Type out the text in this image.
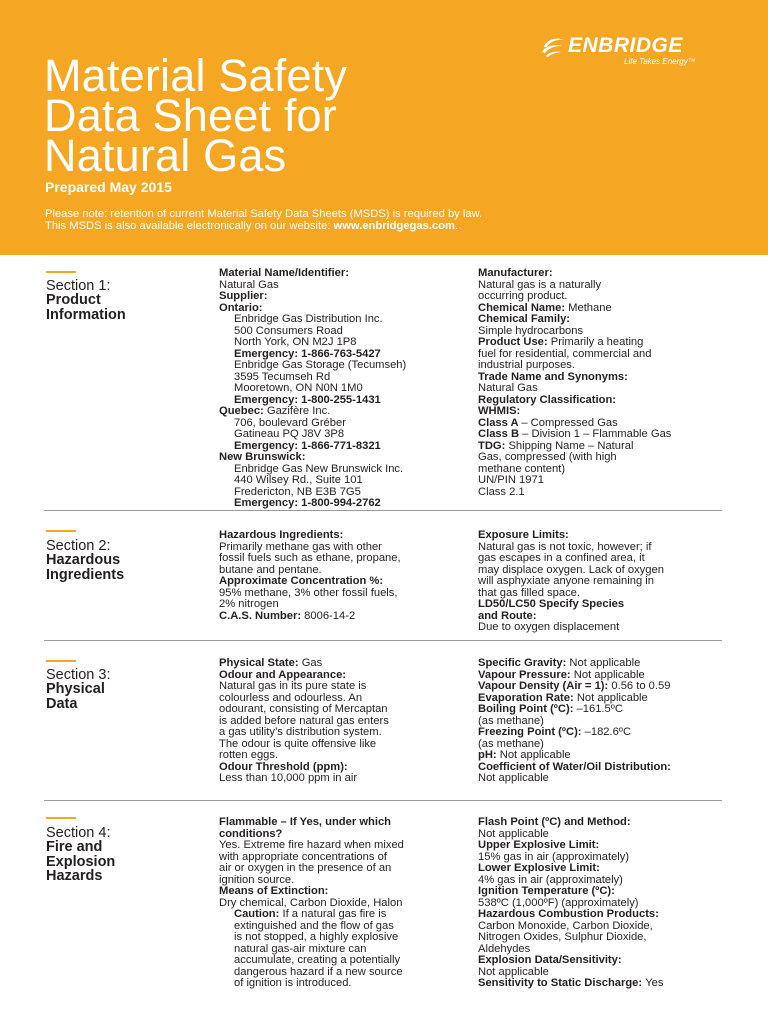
ENBRIDGE
Life Takes Energy™
Material Safety
Data Sheet for
Natural Gas
Prepared May 2015
Please note: retention of current Material Safety Data Sheets (MSDS) is required by law.
This MSDS is also available electronically on our website: www.enbridgegas.com.
Section 1:
Product
Information
Material Name/Identifier:
Natural Gas
Supplier:
Ontario:
Enbridge Gas Distribution Inc.
500 Consumers Road
North York, ON M2J 1P8
Emergency: 1-866-763-5427
Enbridge Gas Storage (Tecumseh)
3595 Tecumseh Rd
Mooretown, ON N0N 1M0
Emergency: 1-800-255-1431
Quebec: Gazifère Inc.
706, boulevard Gréber
Gatineau PQ J8V 3P8
Emergency: 1-866-771-8321
New Brunswick:
Enbridge Gas New Brunswick Inc.
440 Wilsey Rd., Suite 101
Fredericton, NB E3B 7G5
Emergency: 1-800-994-2762
Manufacturer:
Natural gas is a naturally
occurring product.
Chemical Name: Methane
Chemical Family:
Simple hydrocarbons
Product Use: Primarily a heating
fuel for residential, commercial and
industrial purposes.
Trade Name and Synonyms:
Natural Gas
Regulatory Classification:
WHMIS:
Class A – Compressed Gas
Class B – Division 1 – Flammable Gas
TDG: Shipping Name – Natural
Gas, compressed (with high
methane content)
UN/PIN 1971
Class 2.1
Section 2:
Hazardous
Ingredients
Hazardous Ingredients:
Primarily methane gas with other
fossil fuels such as ethane, propane,
butane and pentane.
Approximate Concentration %:
95% methane, 3% other fossil fuels,
2% nitrogen
C.A.S. Number: 8006-14-2
Exposure Limits:
Natural gas is not toxic, however; if
gas escapes in a confined area, it
may displace oxygen. Lack of oxygen
will asphyxiate anyone remaining in
that gas filled space.
LD50/LC50 Specify Species
and Route:
Due to oxygen displacement
Section 3:
Physical
Data
Physical State: Gas
Odour and Appearance:
Natural gas in its pure state is
colourless and odourless. An
odourant, consisting of Mercaptan
is added before natural gas enters
a gas utility’s distribution system.
The odour is quite offensive like
rotten eggs.
Odour Threshold (ppm):
Less than 10,000 ppm in air
Specific Gravity: Not applicable
Vapour Pressure: Not applicable
Vapour Density (Air = 1): 0.56 to 0.59
Evaporation Rate: Not applicable
Boiling Point (ºC): –161.5ºC
(as methane)
Freezing Point (ºC): –182.6ºC
(as methane)
pH: Not applicable
Coefficient of Water/Oil Distribution:
Not applicable
Section 4:
Fire and
Explosion
Hazards
Flammable – If Yes, under which
conditions?
Yes. Extreme fire hazard when mixed
with appropriate concentrations of
air or oxygen in the presence of an
ignition source.
Means of Extinction:
Dry chemical, Carbon Dioxide, Halon
Caution: If a natural gas fire is
extinguished and the flow of gas
is not stopped, a highly explosive
natural gas-air mixture can
accumulate, creating a potentially
dangerous hazard if a new source
of ignition is introduced.
Flash Point (ºC) and Method:
Not applicable
Upper Explosive Limit:
15% gas in air (approximately)
Lower Explosive Limit:
4% gas in air (approximately)
Ignition Temperature (ºC):
538ºC (1,000ºF) (approximately)
Hazardous Combustion Products:
Carbon Monoxide, Carbon Dioxide,
Nitrogen Oxides, Sulphur Dioxide,
Aldehydes
Explosion Data/Sensitivity:
Not applicable
Sensitivity to Static Discharge: Yes
